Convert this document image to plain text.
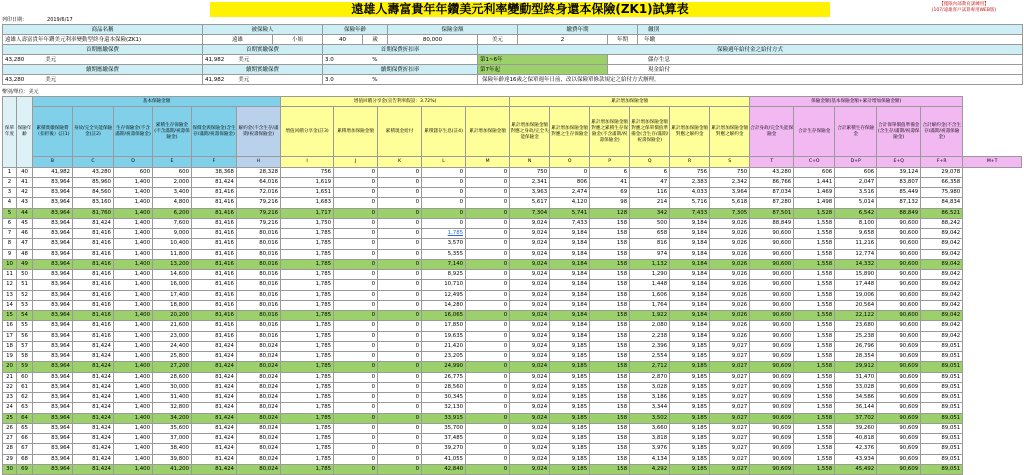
遠雄人壽富貴年年鑽美元利率變動型終身還本保險(ZK1)試算表	【僅限內部教育訓練用】
(107/遠雄客戶試算專用WEB版)
列印日期：	2019/6/17
商品名稱	被保險人		保險年齡		保險金額		繳費年期		繳別
遠雄人壽富貴年年鑽美元利率變動型終身還本保險(ZK1)	遠雄	小姐	40	歲	80,000	美元	2	年期	年繳
首期應繳保費	首期實繳保費		首期保費折扣率			保險週年給付金之給付方式			
43,280 美元	41,982 美元		3.0 %			第1~6年		儲存生息	
續期應繳保費	續期實繳保費		續期保費折扣率			第7年起		現金給付	
43,280 美元	41,982 美元		3.0 %			保險年齡達16歲之保單週年日前，改以保險單條款規定之給付方式辦理。			
幣別/單位：美元
保單年度	保險年齡	基本保險金額						增值回饋分享金(宣告利率假設：3.72%)					累計增加保險金額						保險金額(基本保險金額+累計增加保險金額)					
		累積實繳保險費（扣折後）(註1)	身故/完全失能保險金(註2)	生存保險金(不含滿期/祝壽保險金)	累積生存保險金(不含滿期/祝壽保險金)	保價金與保險金(含生存/滿期/祝壽保險金)	解約金(不含生存/滿期/祝壽保險金)	增值回饋分享金(註3)	累積增加保險金額	累積現金給付	累積儲存生息(註4)	累計增加保險金額	累計增加保險金額對應之身故/完全失能保險金	累計增加保險金額對應之生存保險金	累計增加保險金額對應之累積生存保險金(不含滿期/祝壽保險金)	累計增加保險金額對應之保單價值準備金(含生存/滿期/祝壽保險金)	累計增加保險金額對應之解約金	累計增加保險金額對應之解約金	合計身故/完全失能保險金	合計生存保險金	合計累積生存保險金	合計保單價值準備金(含生存/滿期/祝壽保險金)	合計解約金(不含生存/滿期/祝壽保險金)	
		B	C	D	E	F	H	I	J	K	L	M	N	O	P	Q	R	S	T	C+O	D+P	E+Q	F+R	M+T
1	40	41,982	43,280	600	600	38,368	28,328	756	0	0	0	0	750	0	6	6	756	750	43,280	606	606	39,124	29,078	
2	41	83,964	85,960	1,400	2,000	81,424	64,016	1,619	0	0	0	0	2,341	806	41	47	2,383	2,342	86,766	1,441	2,047	83,807	66,358	
3	42	83,964	84,560	1,400	3,400	81,416	72,016	1,651	0	0	0	0	3,963	2,474	69	116	4,033	3,964	87,034	1,469	3,516	85,449	75,980	
4	43	83,964	83,160	1,400	4,800	81,416	79,216	1,683	0	0	0	0	5,617	4,120	98	214	5,716	5,618	87,280	1,498	5,014	87,132	84,834	
5	44	83,964	81,760	1,400	6,200	81,416	79,216	1,717	0	0	0	0	7,304	5,741	128	342	7,433	7,305	87,501	1,528	6,542	88,849	86,521	
6	45	83,964	81,424	1,400	7,600	81,416	79,216	1,750	0	0	0	0	9,024	7,433	158	500	9,184	9,026	88,849	1,558	8,100	90,600	88,242	
7	46	83,964	81,416	1,400	9,000	81,416	80,016	1,785	0	0	1,785	0	9,024	9,184	158	658	9,184	9,026	90,600	1,558	9,658	90,600	89,042	
8	47	83,964	81,416	1,400	10,400	81,416	80,016	1,785	0	0	3,570	0	9,024	9,184	158	816	9,184	9,026	90,600	1,558	11,216	90,600	89,042	
9	48	83,964	81,416	1,400	11,800	81,416	80,016	1,785	0	0	5,355	0	9,024	9,184	158	974	9,184	9,026	90,600	1,558	12,774	90,600	89,042	
10	49	83,964	81,416	1,400	13,200	81,416	80,016	1,785	0	0	7,140	0	9,024	9,184	158	1,132	9,184	9,026	90,600	1,558	14,332	90,600	89,042	
11	50	83,964	81,416	1,400	14,600	81,416	80,016	1,785	0	0	8,925	0	9,024	9,184	158	1,290	9,184	9,026	90,600	1,558	15,890	90,600	89,042	
12	51	83,964	81,416	1,400	16,000	81,416	80,016	1,785	0	0	10,710	0	9,024	9,184	158	1,448	9,184	9,026	90,600	1,558	17,448	90,600	89,042	
13	52	83,964	81,416	1,400	17,400	81,416	80,016	1,785	0	0	12,495	0	9,024	9,184	158	1,606	9,184	9,026	90,600	1,558	19,006	90,600	89,042	
14	53	83,964	81,416	1,400	18,800	81,416	80,016	1,785	0	0	14,280	0	9,024	9,184	158	1,764	9,184	9,026	90,600	1,558	20,564	90,600	89,042	
15	54	83,964	81,416	1,400	20,200	81,416	80,016	1,785	0	0	16,065	0	9,024	9,184	158	1,922	9,184	9,026	90,600	1,558	22,122	90,600	89,042	
16	55	83,964	81,416	1,400	21,600	81,416	80,016	1,785	0	0	17,850	0	9,024	9,184	158	2,080	9,184	9,026	90,600	1,558	23,680	90,600	89,042	
17	56	83,964	81,416	1,400	23,000	81,416	80,016	1,785	0	0	19,635	0	9,024	9,184	158	2,238	9,184	9,026	90,600	1,558	25,238	90,600	89,042	
18	57	83,964	81,424	1,400	24,400	81,424	80,024	1,785	0	0	21,420	0	9,024	9,185	158	2,396	9,185	9,027	90,609	1,558	26,796	90,609	89,051	
19	58	83,964	81,424	1,400	25,800	81,424	80,024	1,785	0	0	23,205	0	9,024	9,185	158	2,554	9,185	9,027	90,609	1,558	28,354	90,609	89,051	
20	59	83,964	81,424	1,400	27,200	81,424	80,024	1,785	0	0	24,990	0	9,024	9,185	158	2,712	9,185	9,027	90,609	1,558	29,912	90,609	89,051	
21	60	83,964	81,424	1,400	28,600	81,424	80,024	1,785	0	0	26,775	0	9,024	9,185	158	2,870	9,185	9,027	90,609	1,558	31,470	90,609	89,051	
22	61	83,964	81,424	1,400	30,000	81,424	80,024	1,785	0	0	28,560	0	9,024	9,185	158	3,028	9,185	9,027	90,609	1,558	33,028	90,609	89,051	
23	62	83,964	81,424	1,400	31,400	81,424	80,024	1,785	0	0	30,345	0	9,024	9,185	158	3,186	9,185	9,027	90,609	1,558	34,586	90,609	89,051	
24	63	83,964	81,424	1,400	32,800	81,424	80,024	1,785	0	0	32,130	0	9,024	9,185	158	3,344	9,185	9,027	90,609	1,558	36,144	90,609	89,051	
25	64	83,964	81,424	1,400	34,200	81,424	80,024	1,785	0	0	33,915	0	9,024	9,185	158	3,502	9,185	9,027	90,609	1,558	37,702	90,609	89,051	
26	65	83,964	81,424	1,400	35,600	81,424	80,024	1,785	0	0	35,700	0	9,024	9,185	158	3,660	9,185	9,027	90,609	1,558	39,260	90,609	89,051	
27	66	83,964	81,424	1,400	37,000	81,424	80,024	1,785	0	0	37,485	0	9,024	9,185	158	3,818	9,185	9,027	90,609	1,558	40,818	90,609	89,051	
28	67	83,964	81,424	1,400	38,400	81,424	80,024	1,785	0	0	39,270	0	9,024	9,185	158	3,976	9,185	9,027	90,609	1,558	42,376	90,609	89,051	
29	68	83,964	81,424	1,400	39,800	81,424	80,024	1,785	0	0	41,055	0	9,024	9,185	158	4,134	9,185	9,027	90,609	1,558	43,934	90,609	89,051	
30	69	83,964	81,424	1,400	41,200	81,424	80,024	1,785	0	0	42,840	0	9,024	9,185	158	4,292	9,185	9,027	90,609	1,558	45,492	90,609	89,051	
